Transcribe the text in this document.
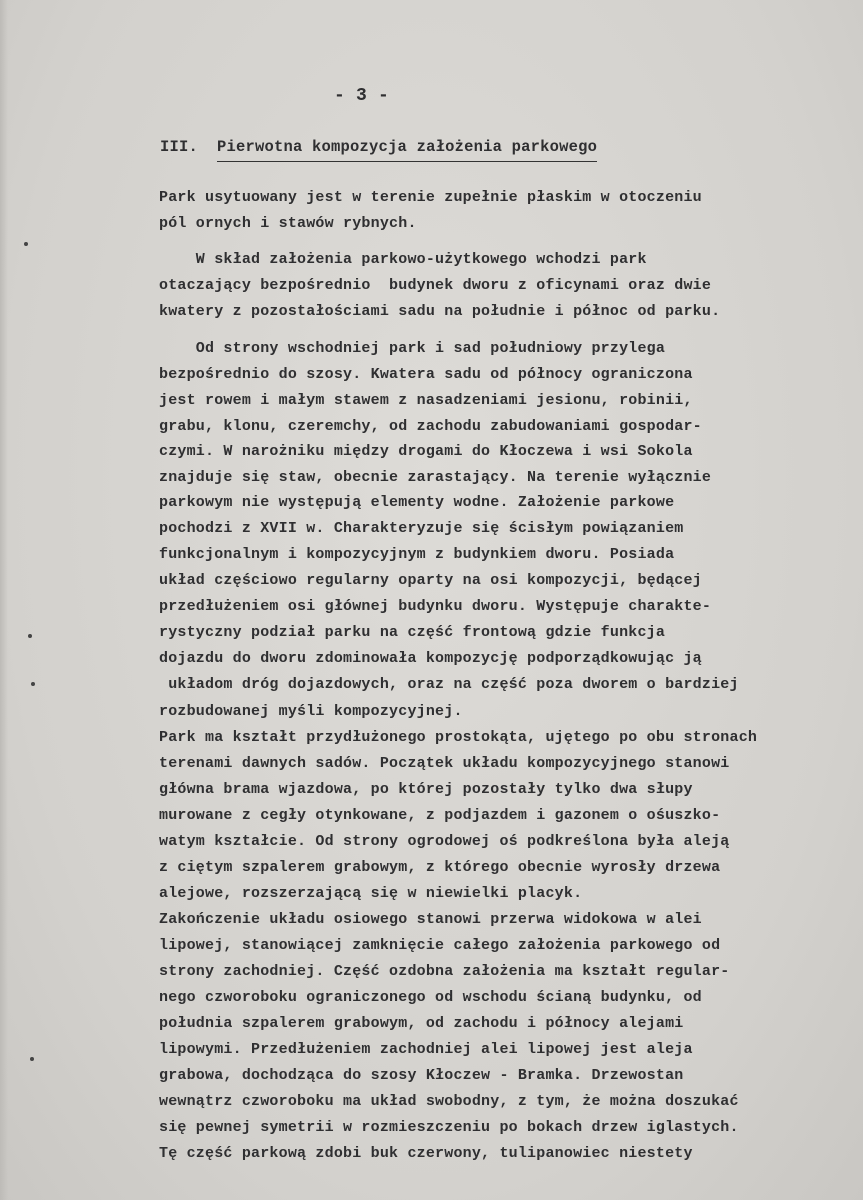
- 3 -
III. Pierwotna kompozycja założenia parkowego
Park usytuowany jest w terenie zupełnie płaskim w otoczeniu
pól ornych i stawów rybnych.
W skład założenia parkowo-użytkowego wchodzi park
otaczający bezpośrednio  budynek dworu z oficynami oraz dwie
kwatery z pozostałościami sadu na południe i północ od parku.
Od strony wschodniej park i sad południowy przylega
bezpośrednio do szosy. Kwatera sadu od północy ograniczona
jest rowem i małym stawem z nasadzeniami jesionu, robinii,
grabu, klonu, czeremchy, od zachodu zabudowaniami gospodar-
czymi. W narożniku między drogami do Kłoczewa i wsi Sokola
znajduje się staw, obecnie zarastający. Na terenie wyłącznie
parkowym nie występują elementy wodne. Założenie parkowe
pochodzi z XVII w. Charakteryzuje się ścisłym powiązaniem
funkcjonalnym i kompozycyjnym z budynkiem dworu. Posiada
układ częściowo regularny oparty na osi kompozycji, będącej
przedłużeniem osi głównej budynku dworu. Występuje charakte-
rystyczny podział parku na część frontową gdzie funkcja
dojazdu do dworu zdominowała kompozycję podporządkowując ją
układom dróg dojazdowych, oraz na część poza dworem o bardziej
rozbudowanej myśli kompozycyjnej.
Park ma kształt przydłużonego prostokąta, ujętego po obu stronach
terenami dawnych sadów. Początek układu kompozycyjnego stanowi
główna brama wjazdowa, po której pozostały tylko dwa słupy
murowane z cegły otynkowane, z podjazdem i gazonem o ośuszko-
watym kształcie. Od strony ogrodowej oś podkreślona była aleją
z ciętym szpalerem grabowym, z którego obecnie wyrosły drzewa
alejowe, rozszerzającą się w niewielki placyk.
Zakończenie układu osiowego stanowi przerwa widokowa w alei
lipowej, stanowiącej zamknięcie całego założenia parkowego od
strony zachodniej. Część ozdobna założenia ma kształt regular-
nego czworoboku ograniczonego od wschodu ścianą budynku, od
południa szpalerem grabowym, od zachodu i północy alejami
lipowymi. Przedłużeniem zachodniej alei lipowej jest aleja
grabowa, dochodząca do szosy Kłoczew - Bramka. Drzewostan
wewnątrz czworoboku ma układ swobodny, z tym, że można doszukać
się pewnej symetrii w rozmieszczeniu po bokach drzew iglastych.
Tę część parkową zdobi buk czerwony, tulipanowiec niestety
